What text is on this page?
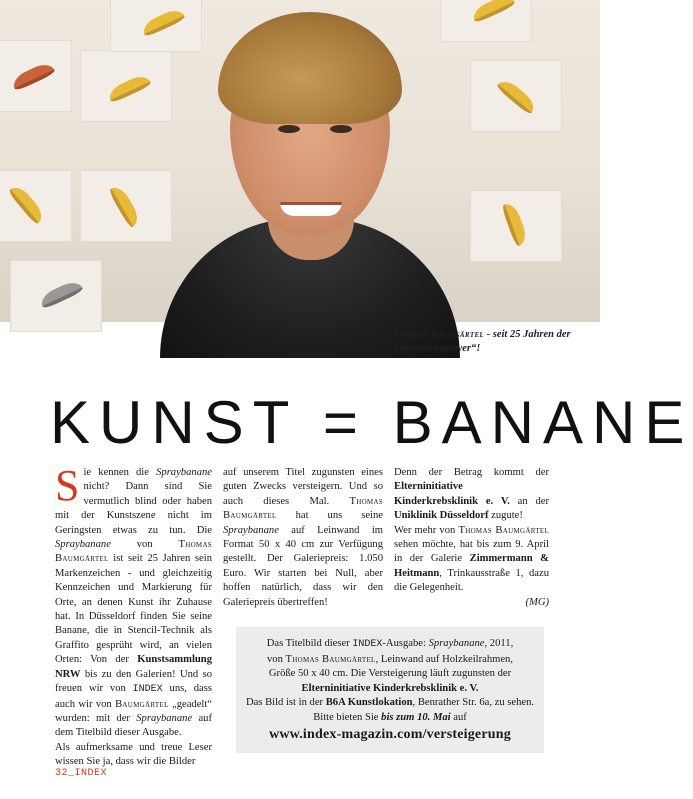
Thomas Baumgärtel - seit 25 Jahren der „Bananensprayer“!
KUNST = BANANE
Sie kennen die Spraybanane nicht? Dann sind Sie vermutlich blind oder haben mit der Kunstszene nicht im Geringsten etwas zu tun. Die Spraybanane von Thomas Baumgärtel ist seit 25 Jahren sein Markenzeichen - und gleichzeitig Kennzeichen und Markierung für Orte, an denen Kunst ihr Zuhause hat. In Düsseldorf finden Sie seine Banane, die in Stencil-Technik als Graffito gesprüht wird, an vielen Orten: Von der Kunstsammlung NRW bis zu den Galerien! Und so freuen wir von INDEX uns, dass auch wir von Baumgärtel „geadelt“ wurden: mit der Spraybanane auf dem Titelbild dieser Ausgabe.
Als aufmerksame und treue Leser wissen Sie ja, dass wir die Bilder
auf unserem Titel zugunsten eines guten Zwecks versteigern. Und so auch dieses Mal. Thomas Baumgärtel hat uns seine Spraybanane auf Leinwand im Format 50 x 40 cm zur Verfügung gestellt. Der Galeriepreis: 1.050 Euro. Wir starten bei Null, aber hoffen natürlich, dass wir den Galeriepreis übertreffen!
Denn der Betrag kommt der Elterninitiative Kinderkrebsklinik e. V. an der Uniklinik Düsseldorf zugute!
Wer mehr von Thomas Baumgärtel sehen möchte, hat bis zum 9. April in der Galerie Zimmermann & Heitmann, Trinkausstraße 1, dazu die Gelegenheit.
(MG)
Das Titelbild dieser INDEX-Ausgabe: Spraybanane, 2011,
von Thomas Baumgärtel, Leinwand auf Holzkeilrahmen,
Größe 50 x 40 cm. Die Versteigerung läuft zugunsten der
Elterninitiative Kinderkrebsklinik e. V.
Das Bild ist in der B6A Kunstlokation, Benrather Str. 6a, zu sehen.
Bitte bieten Sie bis zum 10. Mai auf
www.index-magazin.com/versteigerung
32_INDEX
